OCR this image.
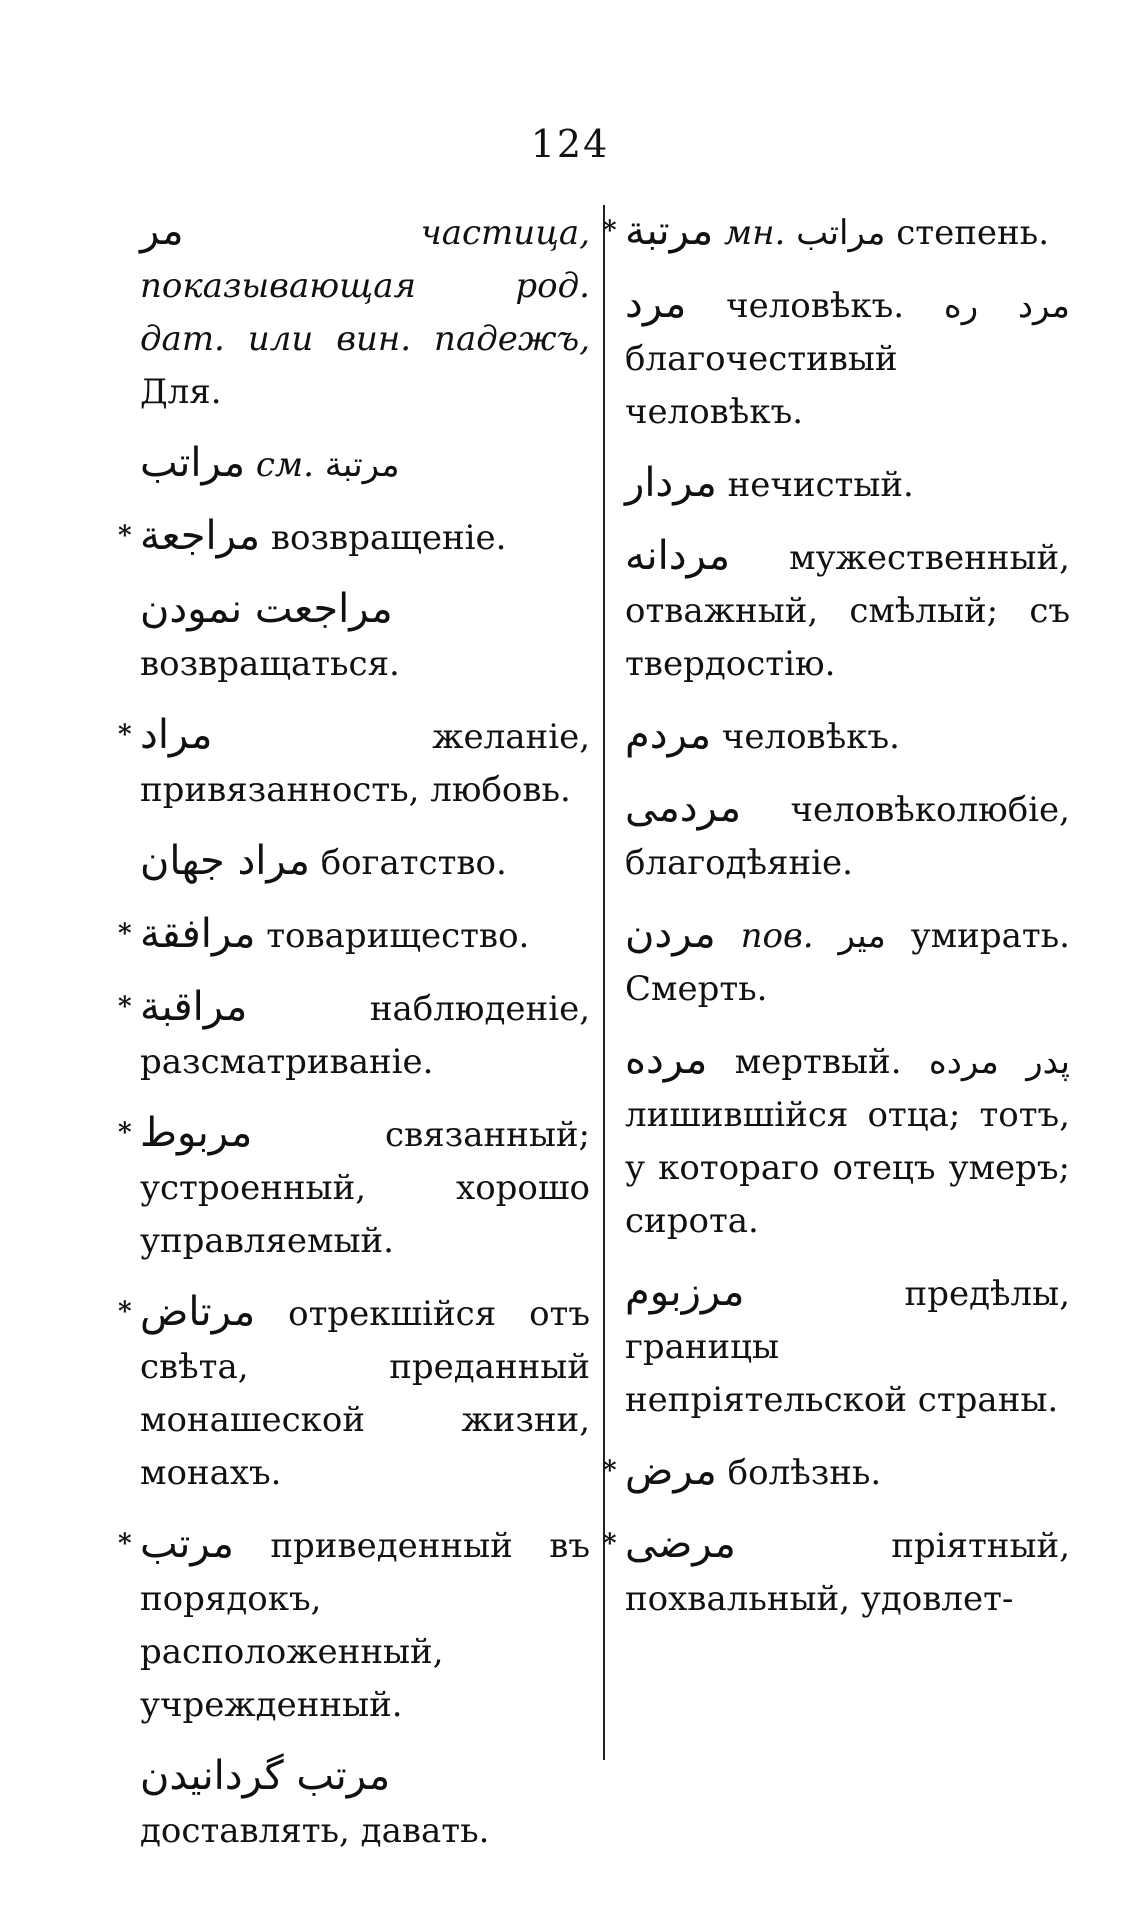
124
مر	частица, показывающая род. дат. или вин. падежъ, Для.
مراتب см. مرتبة
* مراجعة возвращеніе.
مراجعت نمودن возвращаться.
* مراد	желаніе, привязанность, любовь.
مراد جهان богатство.
* مرافقة товарищество.
* مراقبة	наблюденіе, разсматриваніе.
* مربوط	связанный; устроенный, хорошо управляемый.
* مرتاض отрекшійся отъ свѣта, преданный монашеской жизни, монахъ.
* مرتب приведенный въ порядокъ, расположенный, учрежденный.
مرتب گردانيدن доставлять, давать.
* مرتبة мн. مراتب степень.
مرد человѣкъ. مرد ره благочестивый человѣкъ.
مردار нечистый.
مردانه мужественный, отважный, смѣлый; съ твердостію.
مردم человѣкъ.
مردمى человѣколюбіе, благодѣяніе.
مردن пов. مير умирать. Смерть.
مرده мертвый. پدر مرده лишившійся отца; тотъ, у котораго отецъ умеръ; сирота.
مرزبوم	предѣлы, границы непріятельской страны.
* مرض болѣзнь.
* مرضى	пріятный, похвальный, удовлет-
